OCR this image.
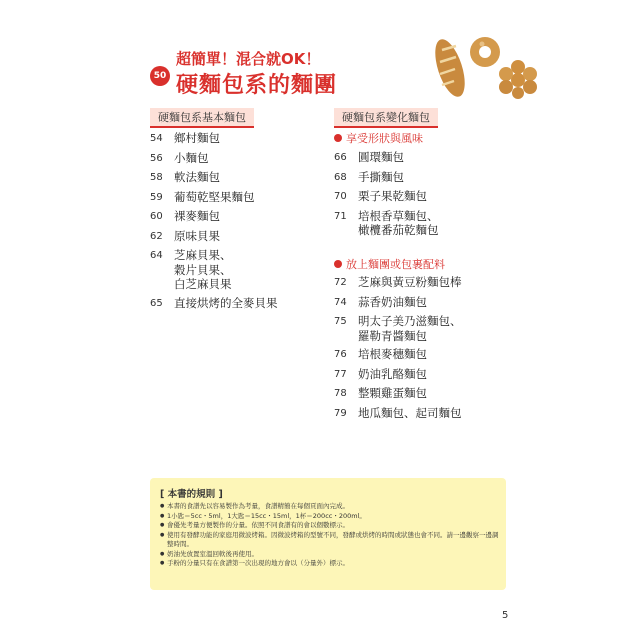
50
超簡單！混合就OK！
硬麵包系的麵團
硬麵包系基本麵包
54 鄉村麵包
56 小麵包
58 軟法麵包
59 葡萄乾堅果麵包
60 裸麥麵包
62 原味貝果
64 芝麻貝果、
穀片貝果、
白芝麻貝果
65 直接烘烤的全麥貝果
硬麵包系變化麵包
享受形狀與風味
66 圓環麵包
68 手撕麵包
70 栗子果乾麵包
71 培根香草麵包、
橄欖番茄乾麵包
放上麵團或包裹配料
72 芝麻與黃豆粉麵包棒
74 蒜香奶油麵包
75 明太子美乃滋麵包、
羅勒青醬麵包
76 培根麥穗麵包
77 奶油乳酪麵包
78 整顆雞蛋麵包
79 地瓜麵包、起司麵包
[ 本書的規則 ]
● 本書的食譜先以容易製作為考量，食譜精簡在每個頁面內完成。
● 1小匙＝5cc・5ml，1大匙＝15cc・15ml，1杯＝200cc・200ml。
● 會優先考量方便製作的分量。依照不同食譜有的會以個數標示。
● 使用有發酵功能的家庭用微波烤箱。因微波烤箱的型號不同，發酵或烘烤的時間或狀態也會不同。請一邊觀察一邊調整時間。
● 奶油先放置室溫回軟後再使用。
● 手粉的分量只有在食譜第一次出現的地方會以（分量外）標示。
5
